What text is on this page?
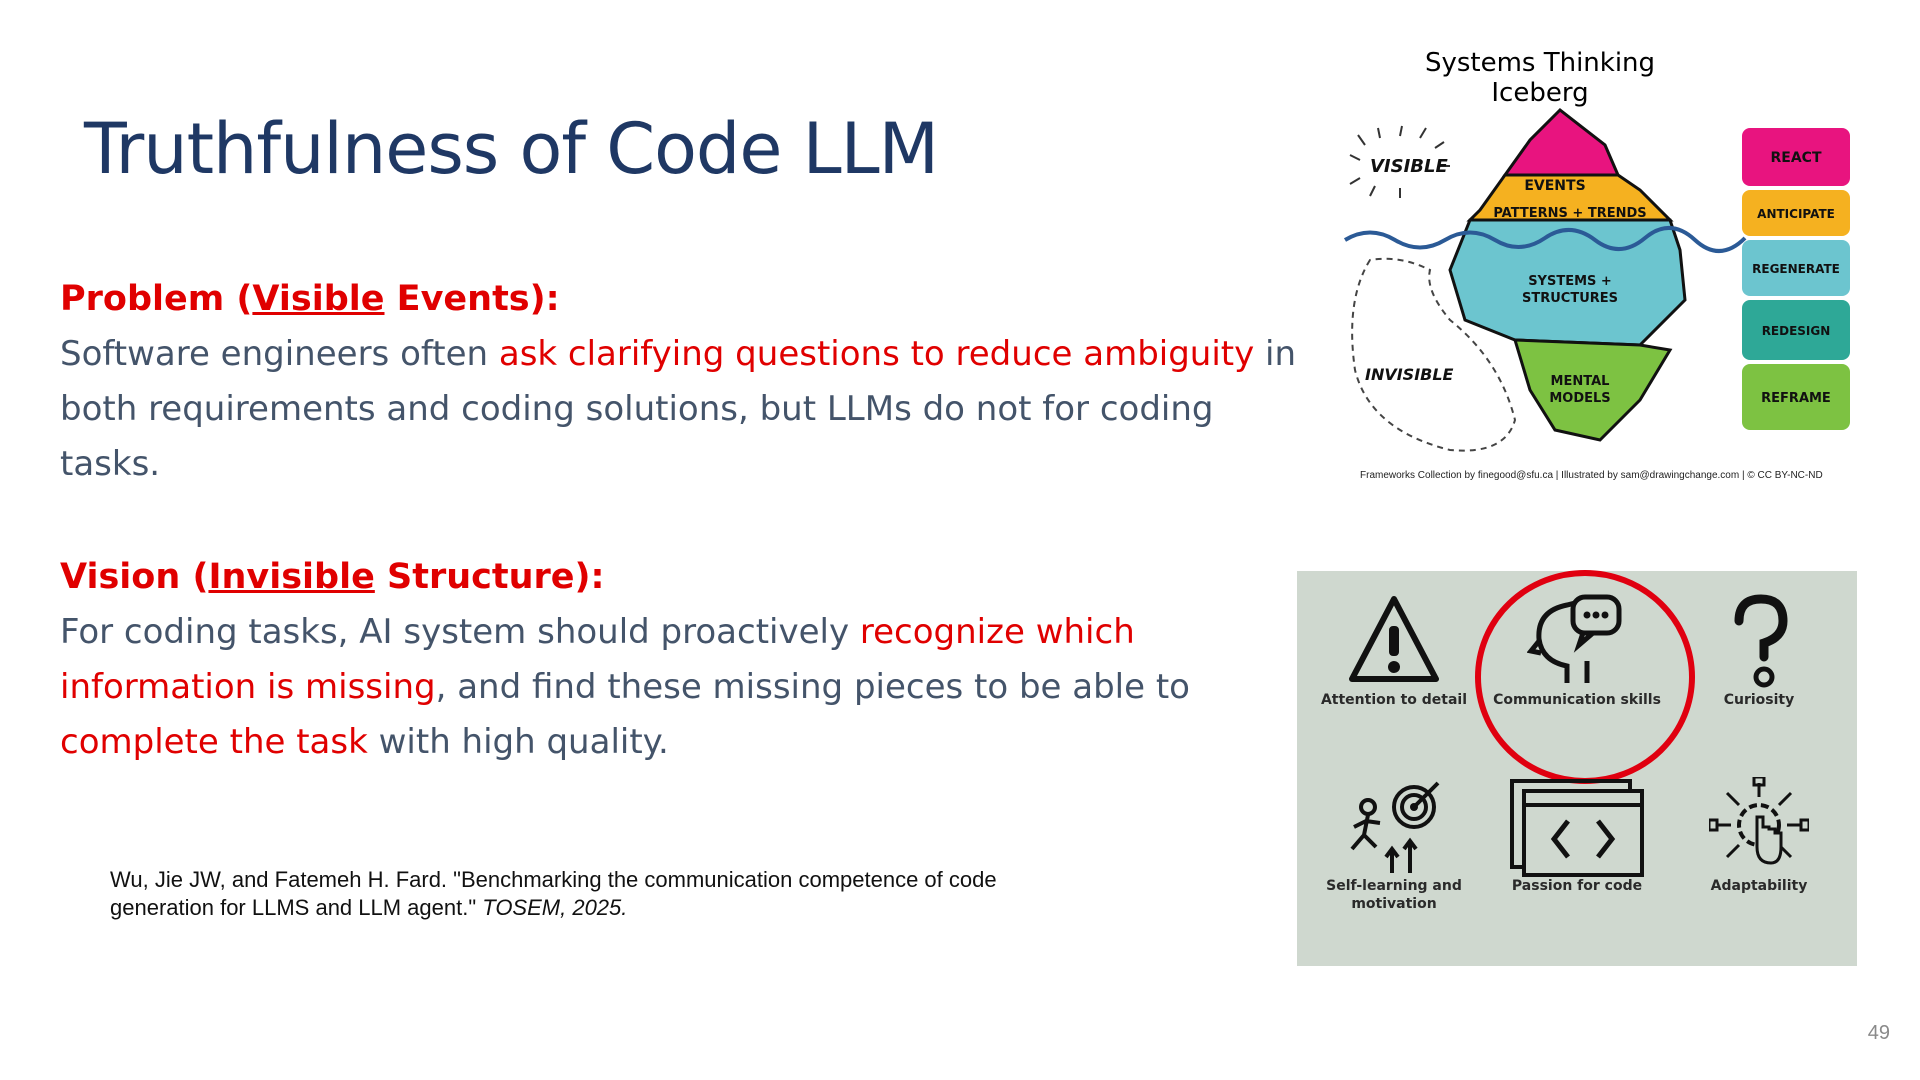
Truthfulness of Code LLM
Problem (Visible Events):
Software engineers often ask clarifying questions to reduce ambiguity in both requirements and coding solutions, but LLMs do not for coding tasks.
Vision (Invisible Structure):
For coding tasks, AI system should proactively recognize which information is missing, and find these missing pieces to be able to complete the task with high quality.
Wu, Jie JW, and Fatemeh H. Fard. "Benchmarking the communication competence of code generation for LLMS and LLM agent." TOSEM, 2025.
Systems Thinking Iceberg
VISIBLE
INVISIBLE
EVENTS
PATTERNS + TRENDS
SYSTEMS +
STRUCTURES
MENTAL
MODELS
REACT
ANTICIPATE
REGENERATE
REDESIGN
REFRAME
Frameworks Collection by finegood@sfu.ca | Illustrated by sam@drawingchange.com | © CC BY-NC-ND
Attention to detail	Communication skills	Curiosity
Self-learning and motivation
Passion for code	Adaptability
49
